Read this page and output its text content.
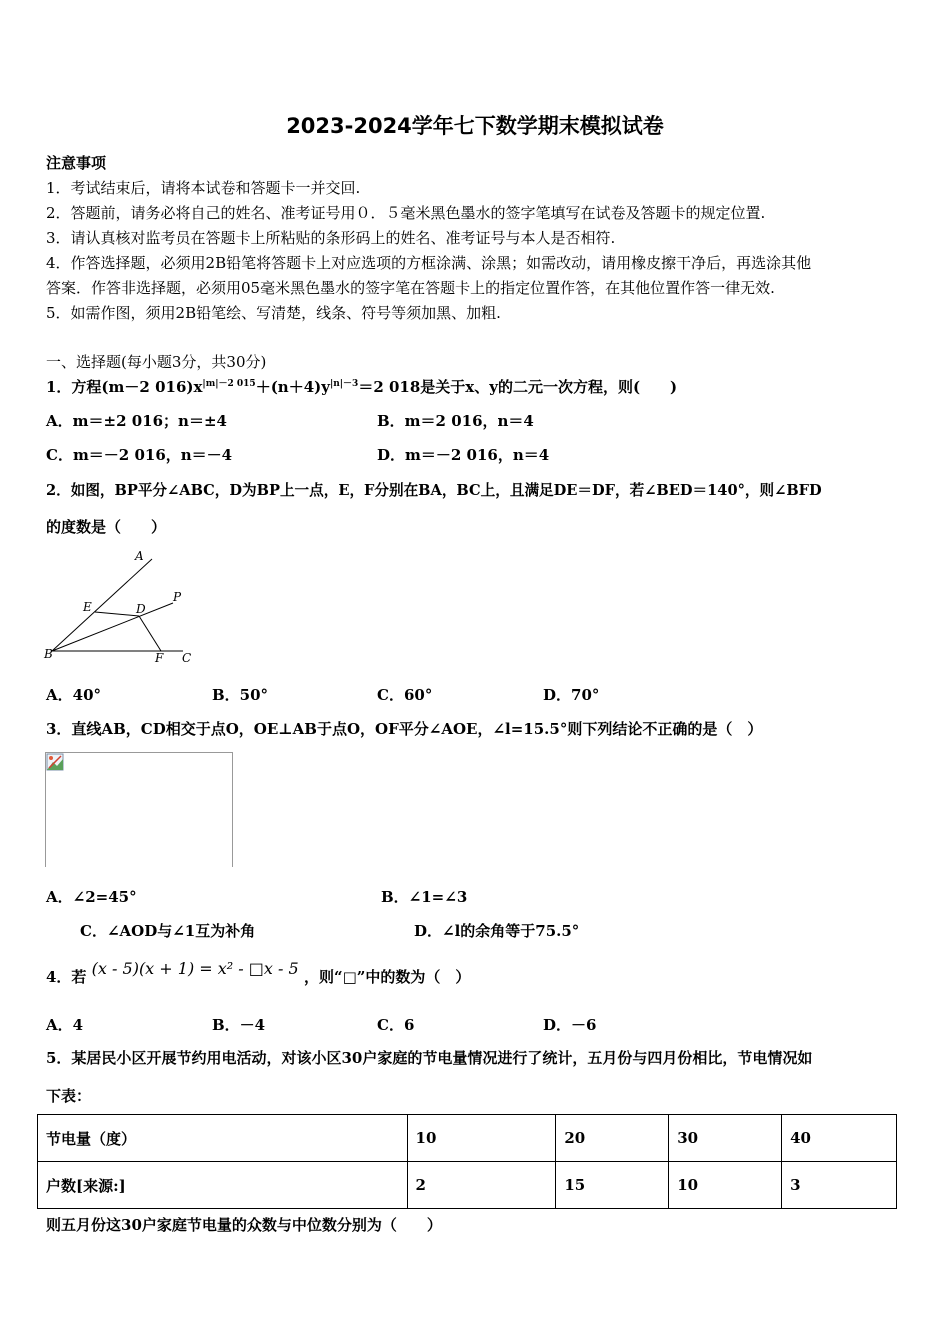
2023-2024学年七下数学期末模拟试卷
注意事项
1．考试结束后，请将本试卷和答题卡一并交回.
2．答题前，请务必将自己的姓名、准考证号用０．５毫米黑色墨水的签字笔填写在试卷及答题卡的规定位置.
3．请认真核对监考员在答题卡上所粘贴的条形码上的姓名、准考证号与本人是否相符.
4．作答选择题，必须用2B铅笔将答题卡上对应选项的方框涂满、涂黑；如需改动，请用橡皮擦干净后，再选涂其他
答案．作答非选择题，必须用05毫米黑色墨水的签字笔在答题卡上的指定位置作答，在其他位置作答一律无效.
5．如需作图，须用2B铅笔绘、写清楚，线条、符号等须加黑、加粗.
一、选择题(每小题3分，共30分)
1．方程(m－2 $016)x^{|m|-2 015}+(n+4)y^{|n|-3}=2$ 018是关于x、y的二元一次方程，则(　　)
A．m＝±2 016；n＝±4	B．m＝2 016，n＝4
C．m＝－2 016，n＝－4	D．m＝－2 016，n＝4
2．如图，BP平分∠ABC，D为BP上一点，E，F分别在BA，BC上，且满足DE＝DF，若∠BED＝140°，则∠BFD
的度数是（　　）
A
P
E	D
B	F C
A．40°	B．50°	C．60°	D．70°
3．直线AB，CD相交于点O，OE⊥AB于点O，OF平分∠AOE，∠l=15.5°则下列结论不正确的是（　）
A．∠2=45°	B．∠1=∠3
C．∠AOD与∠1互为补角	D．∠l的余角等于75.5°
4．若 (x - 5)(x + 1) = x² - □x - 5 ，则“□”中的数为（　）
A．4	B．－4	C．6	D．－6
5．某居民小区开展节约用电活动，对该小区30户家庭的节电量情况进行了统计，五月份与四月份相比，节电情况如
下表：
节电量（度）	10	20	30	40
户数[来源:]	2	15	10	3
则五月份这30户家庭节电量的众数与中位数分别为（　　）
